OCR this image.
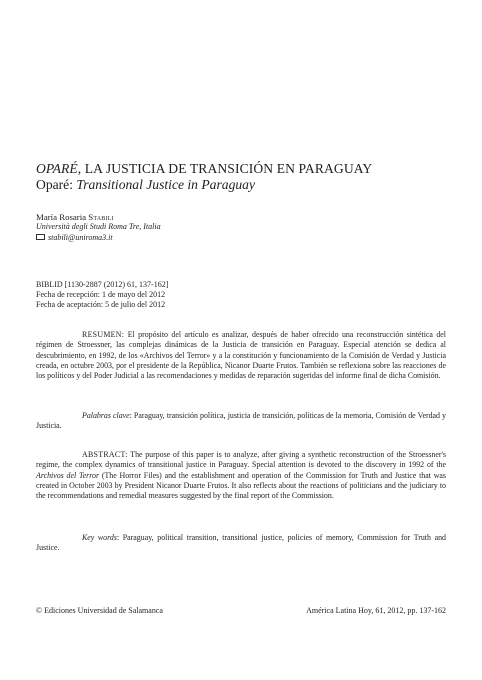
OPARÉ, LA JUSTICIA DE TRANSICIÓN EN PARAGUAY
Oparé: Transitional Justice in Paraguay
María Rosaria Stabili
Università degli Studi Roma Tre, Italia
stabili@uniroma3.it
BIBLID [1130-2887 (2012) 61, 137-162]
Fecha de recepción: 1 de mayo del 2012
Fecha de aceptación: 5 de julio del 2012

RESUMEN: El propósito del artículo es analizar, después de haber ofrecido una reconstrucción sintética del régimen de Stroessner, las complejas dinámicas de la Justicia de transición en Paraguay. Especial atención se dedica al descubrimiento, en 1992, de los «Archivos del Terror» y a la constitución y funcionamiento de la Comisión de Verdad y Justicia creada, en octubre 2003, por el presidente de la República, Nicanor Duarte Frutos. También se reflexiona sobre las reacciones de los políticos y del Poder Judicial a las recomendaciones y medidas de reparación sugeridas del informe final de dicha Comisión.

Palabras clave: Paraguay, transición política, justicia de transición, políticas de la memoria, Comisión de Verdad y Justicia.

ABSTRACT: The purpose of this paper is to analyze, after giving a synthetic reconstruction of the Stroessner's regime, the complex dynamics of transitional justice in Paraguay. Special attention is devoted to the discovery in 1992 of the Archivos del Terror (The Horror Files) and the establishment and operation of the Commission for Truth and Justice that was created in October 2003 by President Nicanor Duarte Frutos. It also reflects about the reactions of politicians and the judiciary to the recommendations and remedial measures suggested by the final report of the Commission.

Key words: Paraguay, political transition, transitional justice, policies of memory, Commission for Truth and Justice.

© Ediciones Universidad de Salamanca	América Latina Hoy, 61, 2012, pp. 137-162
